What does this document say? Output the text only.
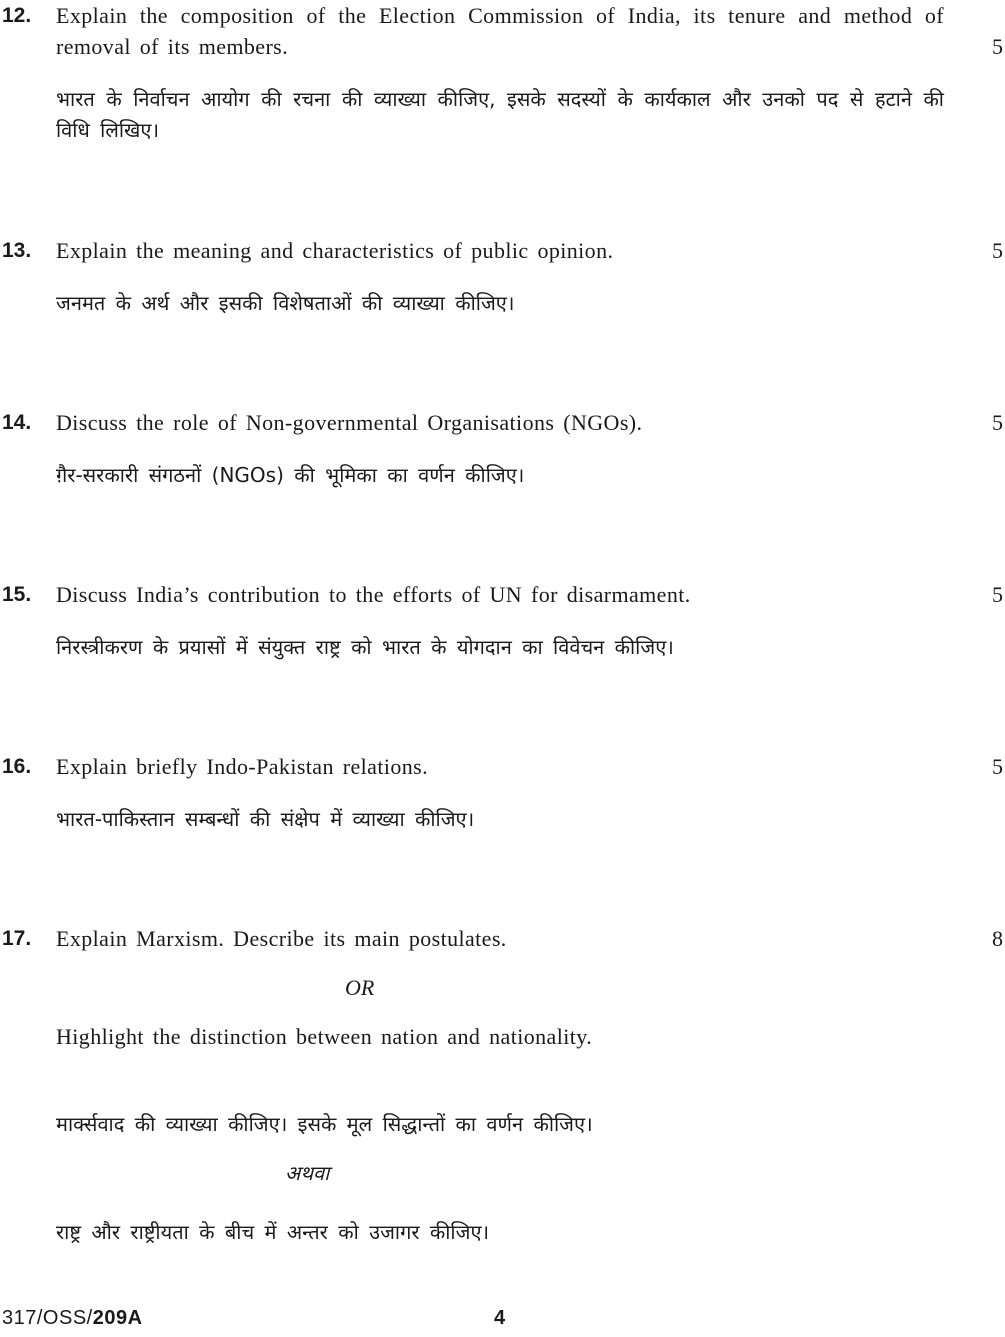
12. Explain the composition of the Election Commission of India, its tenure and method of removal of its members.	5
भारत के निर्वाचन आयोग की रचना की व्याख्या कीजिए, इसके सदस्यों के कार्यकाल और उनको पद से हटाने की विधि लिखिए।
13. Explain the meaning and characteristics of public opinion.	5
जनमत के अर्थ और इसकी विशेषताओं की व्याख्या कीजिए।
14. Discuss the role of Non-governmental Organisations (NGOs).	5
ग़ैर-सरकारी संगठनों (NGOs) की भूमिका का वर्णन कीजिए।
15. Discuss India’s contribution to the efforts of UN for disarmament.	5
निरस्त्रीकरण के प्रयासों में संयुक्त राष्ट्र को भारत के योगदान का विवेचन कीजिए।
16. Explain briefly Indo-Pakistan relations.	5
भारत-पाकिस्तान सम्बन्धों की संक्षेप में व्याख्या कीजिए।
17. Explain Marxism. Describe its main postulates.	8
OR
Highlight the distinction between nation and nationality.
मार्क्सवाद की व्याख्या कीजिए। इसके मूल सिद्धान्तों का वर्णन कीजिए।
अथवा
राष्ट्र और राष्ट्रीयता के बीच में अन्तर को उजागर कीजिए।
317/OSS/209A	4
